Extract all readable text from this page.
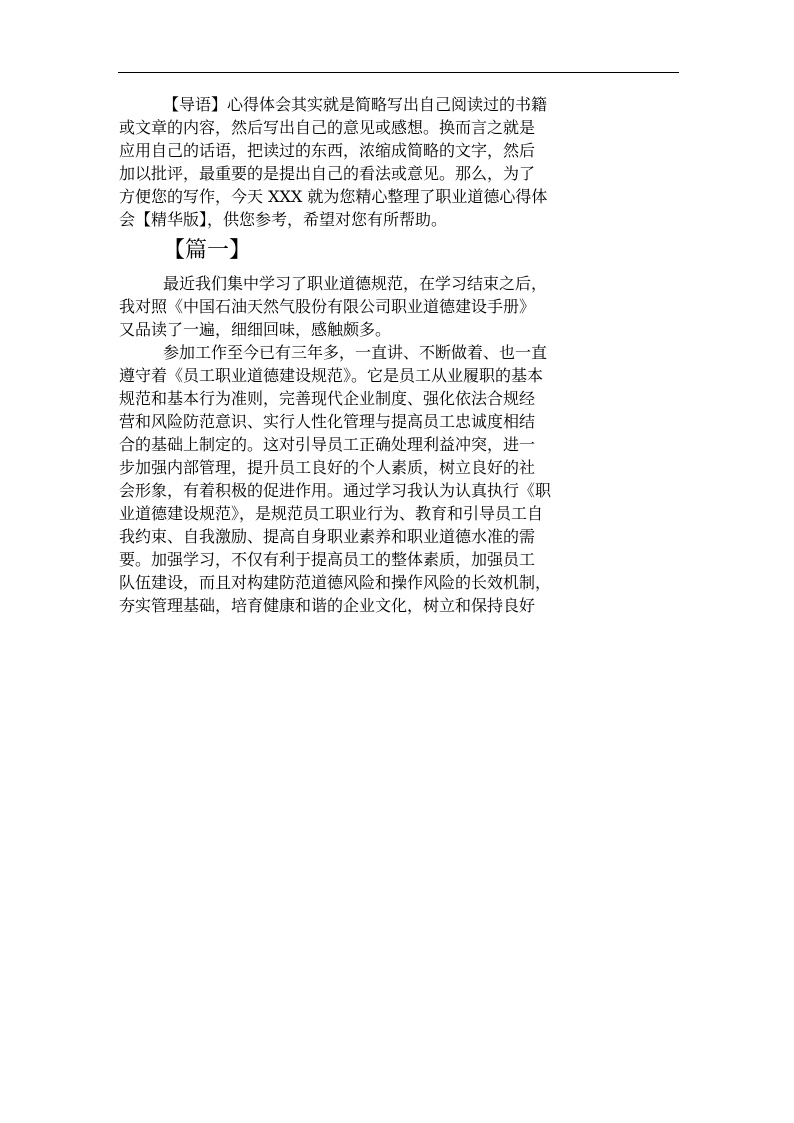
【导语】心得体会其实就是简略写出自己阅读过的书籍
或文章的内容，然后写出自己的意见或感想。换而言之就是
应用自己的话语，把读过的东西，浓缩成简略的文字，然后
加以批评，最重要的是提出自己的看法或意见。那么，为了
方便您的写作，今天 XXX 就为您精心整理了职业道德心得体
会【精华版】，供您参考，希望对您有所帮助。
【篇一】
最近我们集中学习了职业道德规范，在学习结束之后，
我对照《中国石油天然气股份有限公司职业道德建设手册》
又品读了一遍，细细回味，感触颇多。
参加工作至今已有三年多，一直讲、不断做着、也一直
遵守着《员工职业道德建设规范》。它是员工从业履职的基本
规范和基本行为准则，完善现代企业制度、强化依法合规经
营和风险防范意识、实行人性化管理与提高员工忠诚度相结
合的基础上制定的。这对引导员工正确处理利益冲突，进一
步加强内部管理，提升员工良好的个人素质，树立良好的社
会形象，有着积极的促进作用。通过学习我认为认真执行《职
业道德建设规范》，是规范员工职业行为、教育和引导员工自
我约束、自我激励、提高自身职业素养和职业道德水准的需
要。加强学习，不仅有利于提高员工的整体素质，加强员工
队伍建设，而且对构建防范道德风险和操作风险的长效机制，
夯实管理基础，培育健康和谐的企业文化，树立和保持良好
